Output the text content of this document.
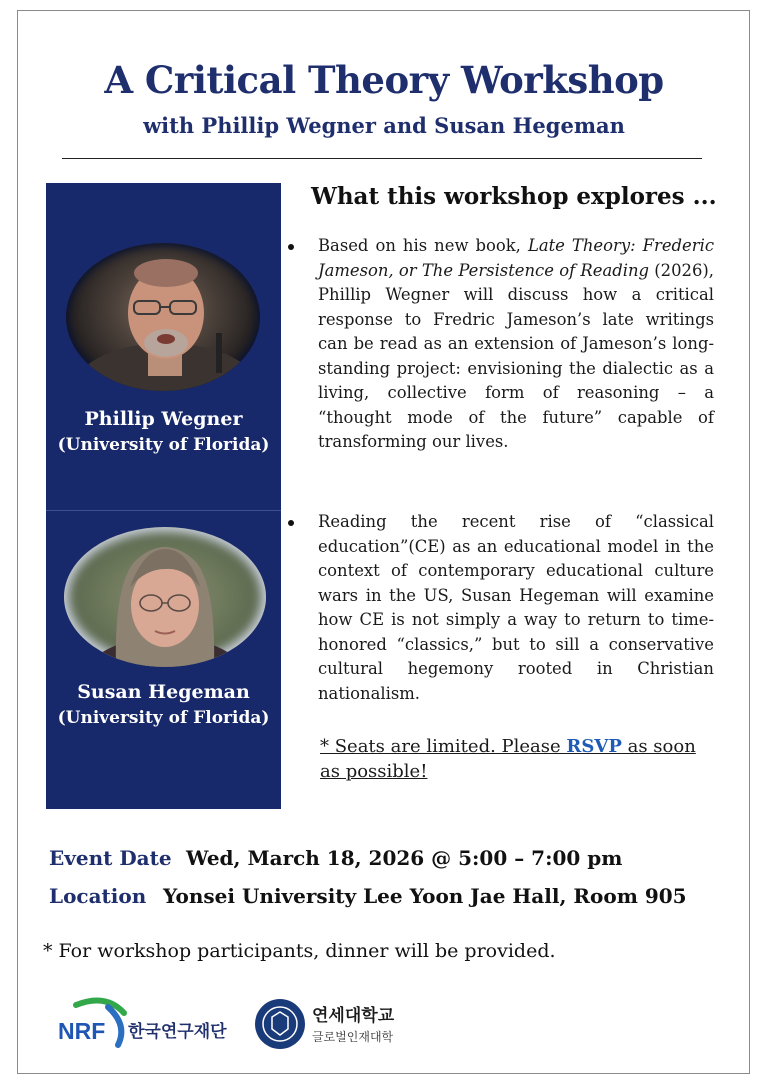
A Critical Theory Workshop
with Phillip Wegner and Susan Hegeman
Phillip Wegner
(University of Florida)
Susan Hegeman
(University of Florida)
What this workshop explores ...
Based on his new book, Late Theory: Frederic Jameson, or The Persistence of Reading (2026), Phillip Wegner will discuss how a critical response to Fredric Jameson’s late writings can be read as an extension of Jameson’s long-standing project: envisioning the dialectic as a living, collective form of reasoning – a “thought mode of the future” capable of transforming our lives.
Reading the recent rise of “classical education”(CE) as an educational model in the context of contemporary educational culture wars in the US, Susan Hegeman will examine how CE is not simply a way to return to time-honored “classics,” but to sill a conservative cultural hegemony rooted in Christian nationalism.
* Seats are limited. Please RSVP as soon as possible!
Event Date Wed, March 18, 2026 @ 5:00 – 7:00 pm
Location Yonsei University Lee Yoon Jae Hall, Room 905
* For workshop participants, dinner will be provided.
NRF 한국연구재단
연세대학교
글로벌인재대학
